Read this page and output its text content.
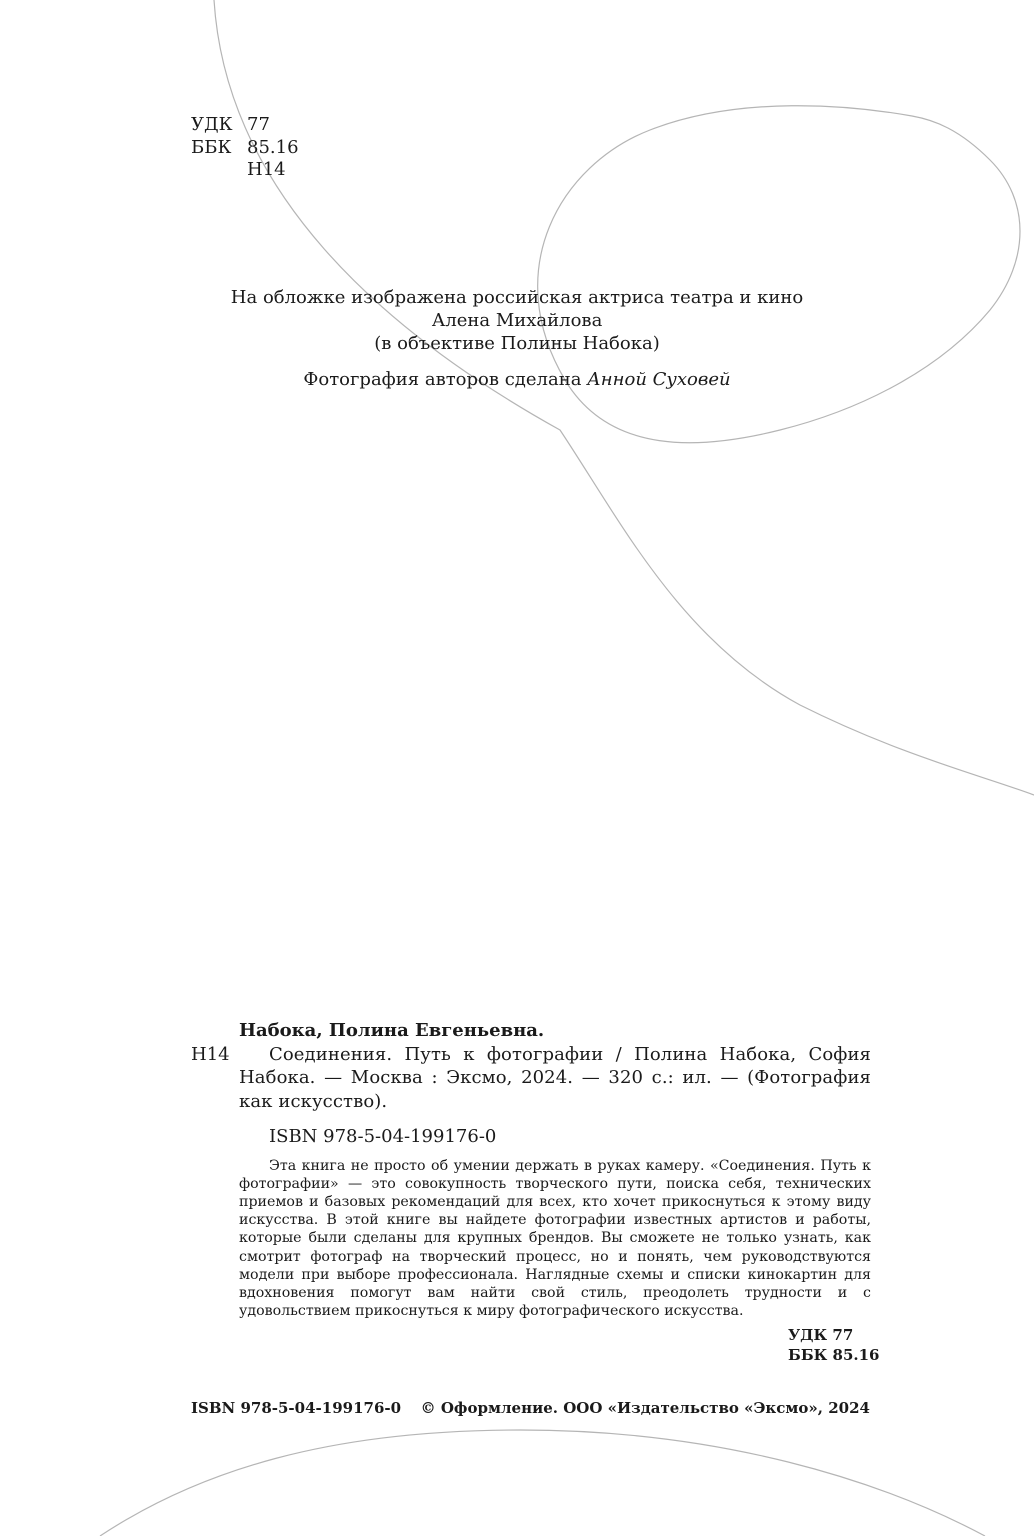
УДК 77
ББК 85.16
Н14
На обложке изображена российская актриса театра и кино
Алена Михайлова
(в объективе Полины Набока)
Фотография авторов сделана Анной Суховей
Набока, Полина Евгеньевна.
Н14	Соединения. Путь к фотографии / Полина Набока, София Набока. — Москва : Эксмо, 2024. — 320 с.: ил. — (Фотография как искусство).
ISBN 978-5-04-199176-0
Эта книга не просто об умении держать в руках камеру. «Соединения. Путь к фотографии» — это совокупность творческого пути, поиска себя, технических приемов и базовых рекомендаций для всех, кто хочет прикоснуться к этому виду искусства. В этой книге вы найдете фотографии известных артистов и работы, которые были сделаны для крупных брендов. Вы сможете не только узнать, как смотрит фотограф на творческий процесс, но и понять, чем руководствуются модели при выборе профессионала. Наглядные схемы и списки кинокартин для вдохновения помогут вам найти свой стиль, преодолеть трудности и с удовольствием прикоснуться к миру фотографического искусства.
УДК 77
ББК 85.16
ISBN 978-5-04-199176-0 © Оформление. ООО «Издательство «Эксмо», 2024
